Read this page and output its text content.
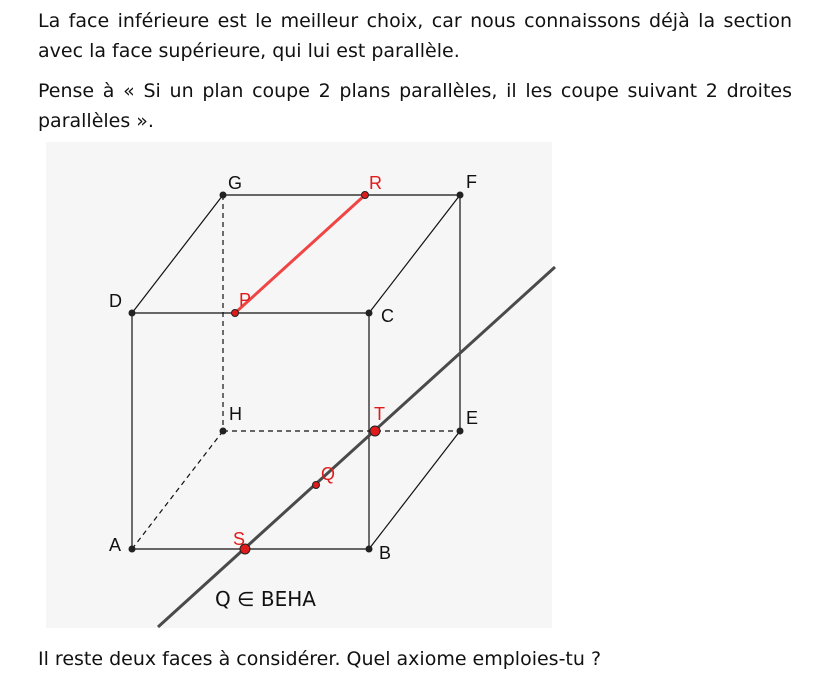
La face inférieure est le meilleur choix, car nous connaissons déjà la section avec la face supérieure, qui lui est parallèle.

Pense à « Si un plan coupe 2 plans parallèles, il les coupe suivant 2 droites parallèles ».

A	B
C
D
E
F
G
H
P
R
T
Q
S
Q ∈ BEHA

Il reste deux faces à considérer. Quel axiome emploies-tu ?
